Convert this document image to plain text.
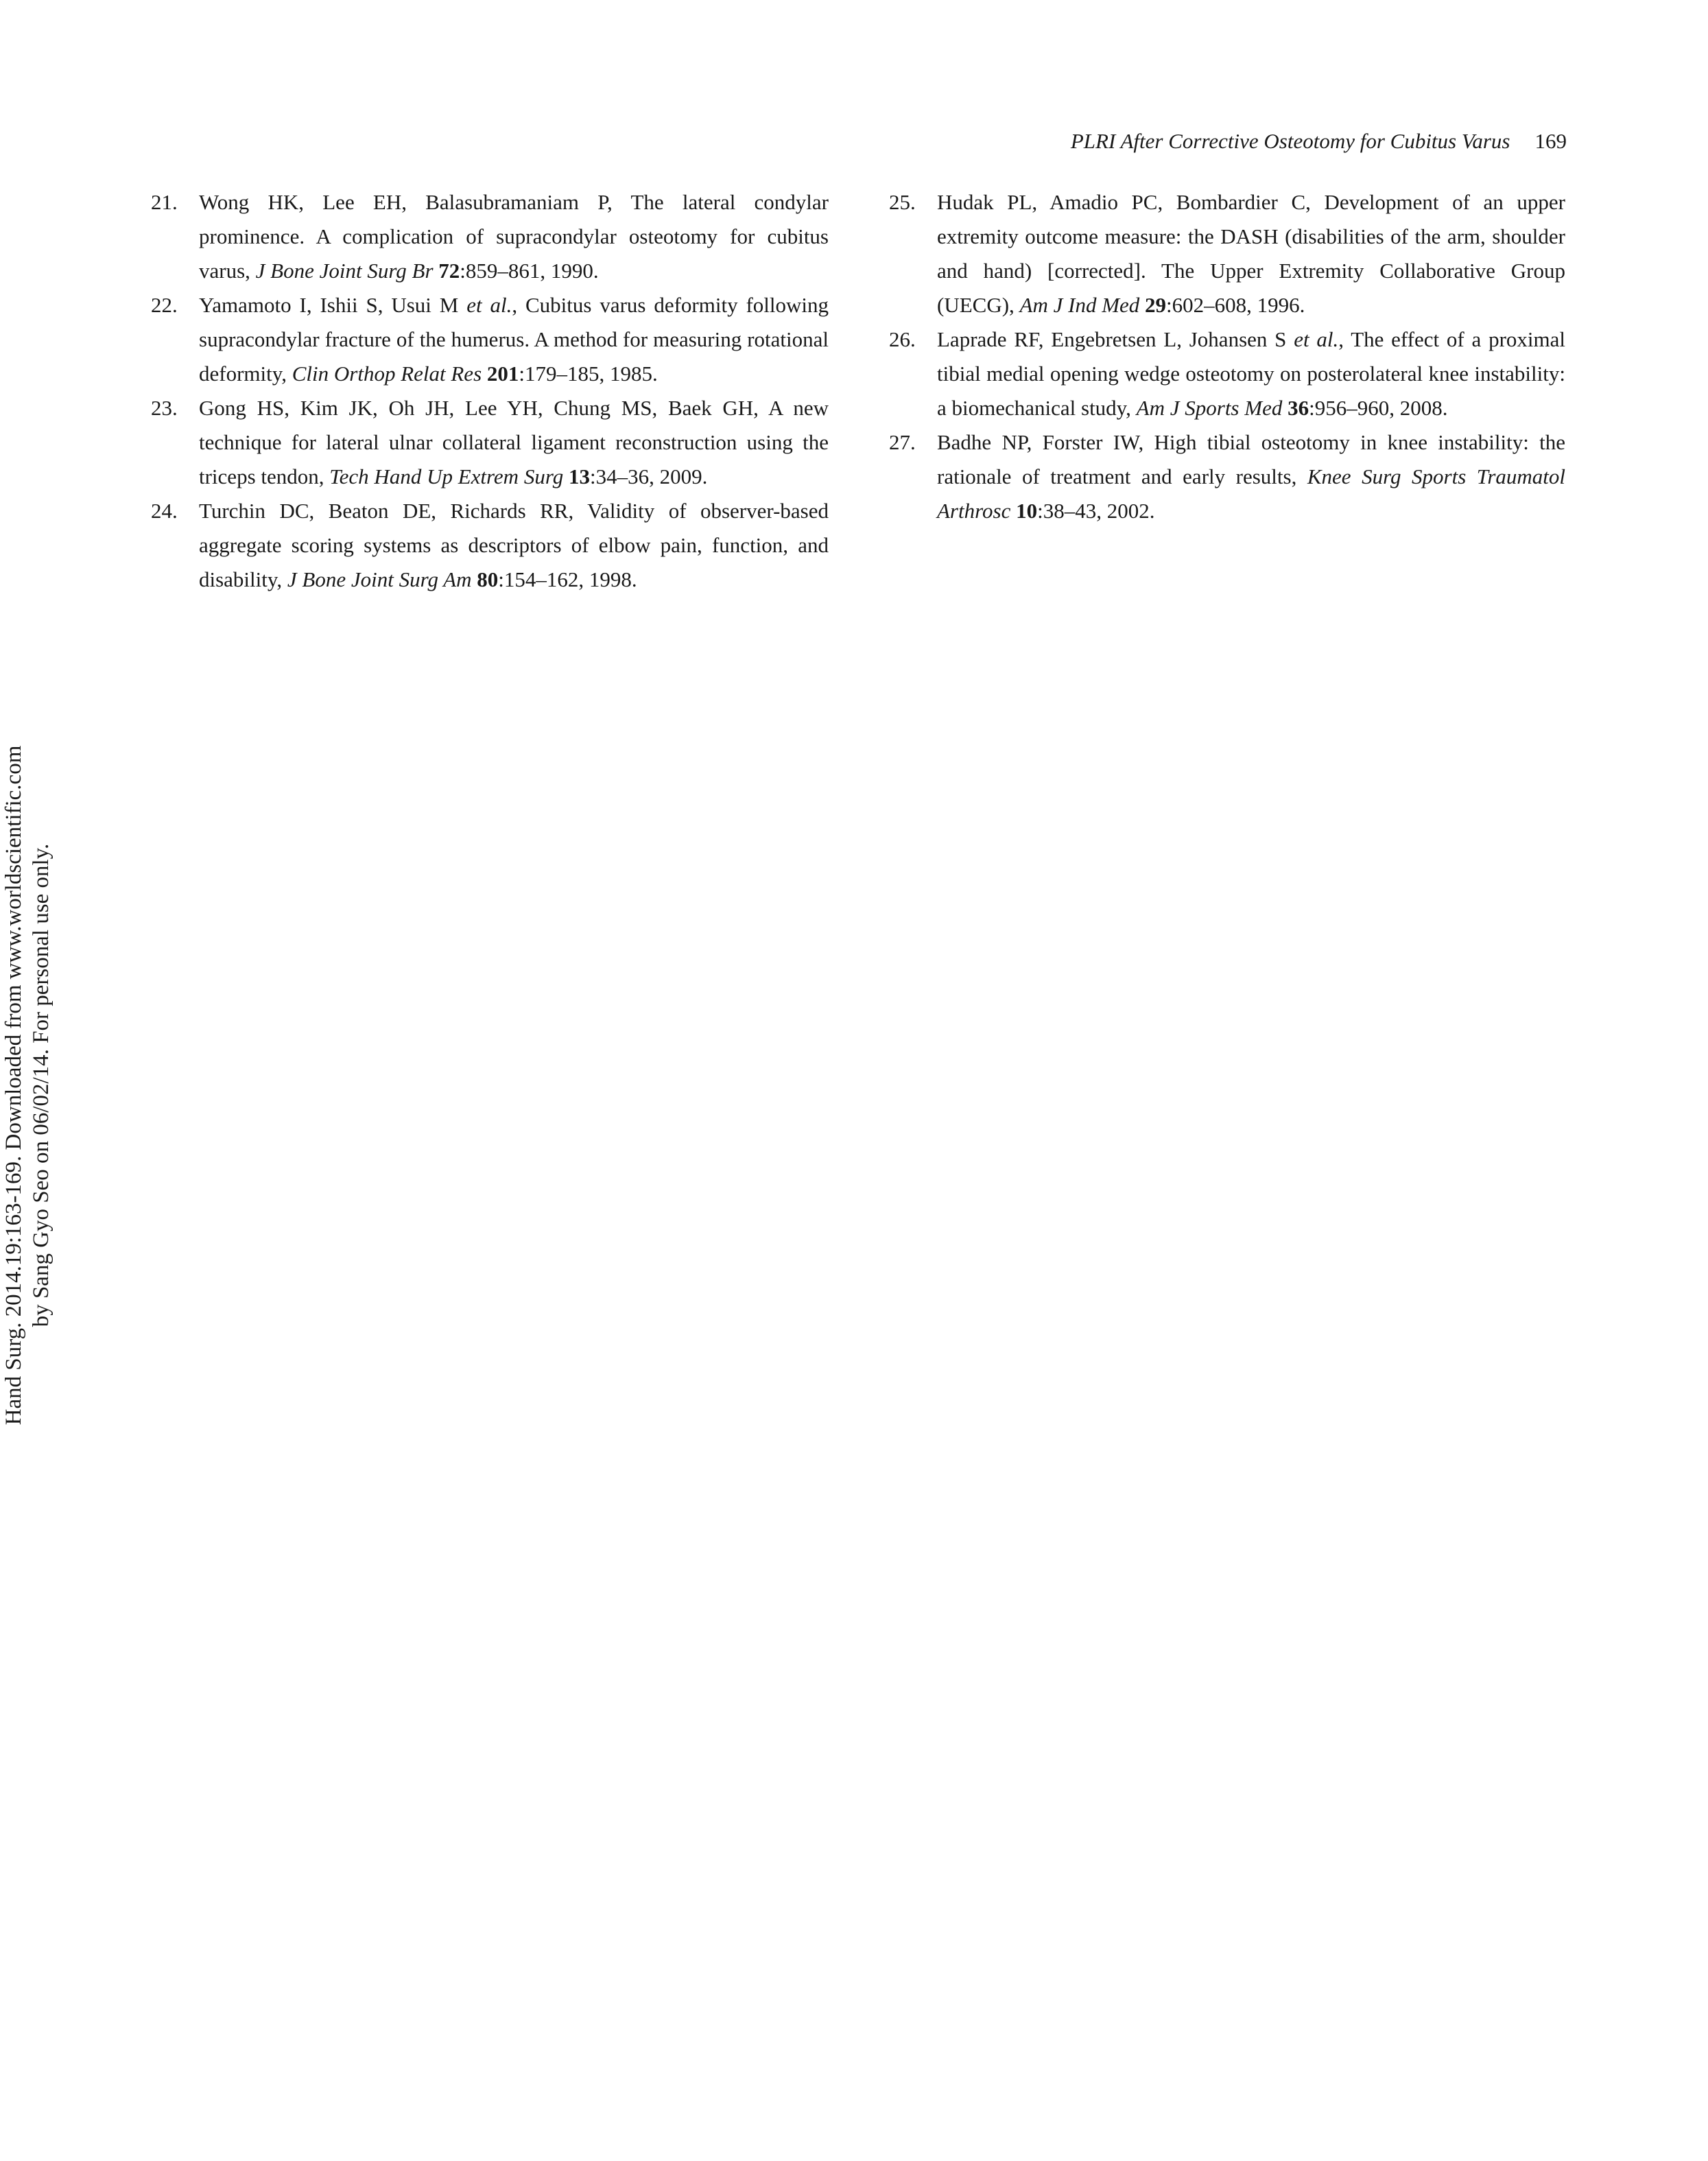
PLRI After Corrective Osteotomy for Cubitus Varus 169

21. Wong HK, Lee EH, Balasubramaniam P, The lateral condylar prominence. A complication of supracondylar osteotomy for cubitus varus, J Bone Joint Surg Br 72:859–861, 1990.

22. Yamamoto I, Ishii S, Usui M et al., Cubitus varus deformity following supracondylar fracture of the humerus. A method for measuring rotational deformity, Clin Orthop Relat Res 201:179–185, 1985.

23. Gong HS, Kim JK, Oh JH, Lee YH, Chung MS, Baek GH, A new technique for lateral ulnar collateral ligament reconstruction using the triceps tendon, Tech Hand Up Extrem Surg 13:34–36, 2009.

24. Turchin DC, Beaton DE, Richards RR, Validity of observer-based aggregate scoring systems as descriptors of elbow pain, function, and disability, J Bone Joint Surg Am 80:154–162, 1998.

25. Hudak PL, Amadio PC, Bombardier C, Development of an upper extremity outcome measure: the DASH (disabilities of the arm, shoulder and hand) [corrected]. The Upper Extremity Collaborative Group (UECG), Am J Ind Med 29:602–608, 1996.

26. Laprade RF, Engebretsen L, Johansen S et al., The effect of a proximal tibial medial opening wedge osteotomy on posterolateral knee instability: a biomechanical study, Am J Sports Med 36:956–960, 2008.

27. Badhe NP, Forster IW, High tibial osteotomy in knee instability: the rationale of treatment and early results, Knee Surg Sports Traumatol Arthrosc 10:38–43, 2002.

Hand Surg. 2014.19:163-169. Downloaded from www.worldscientific.com by Sang Gyo Seo on 06/02/14. For personal use only.
